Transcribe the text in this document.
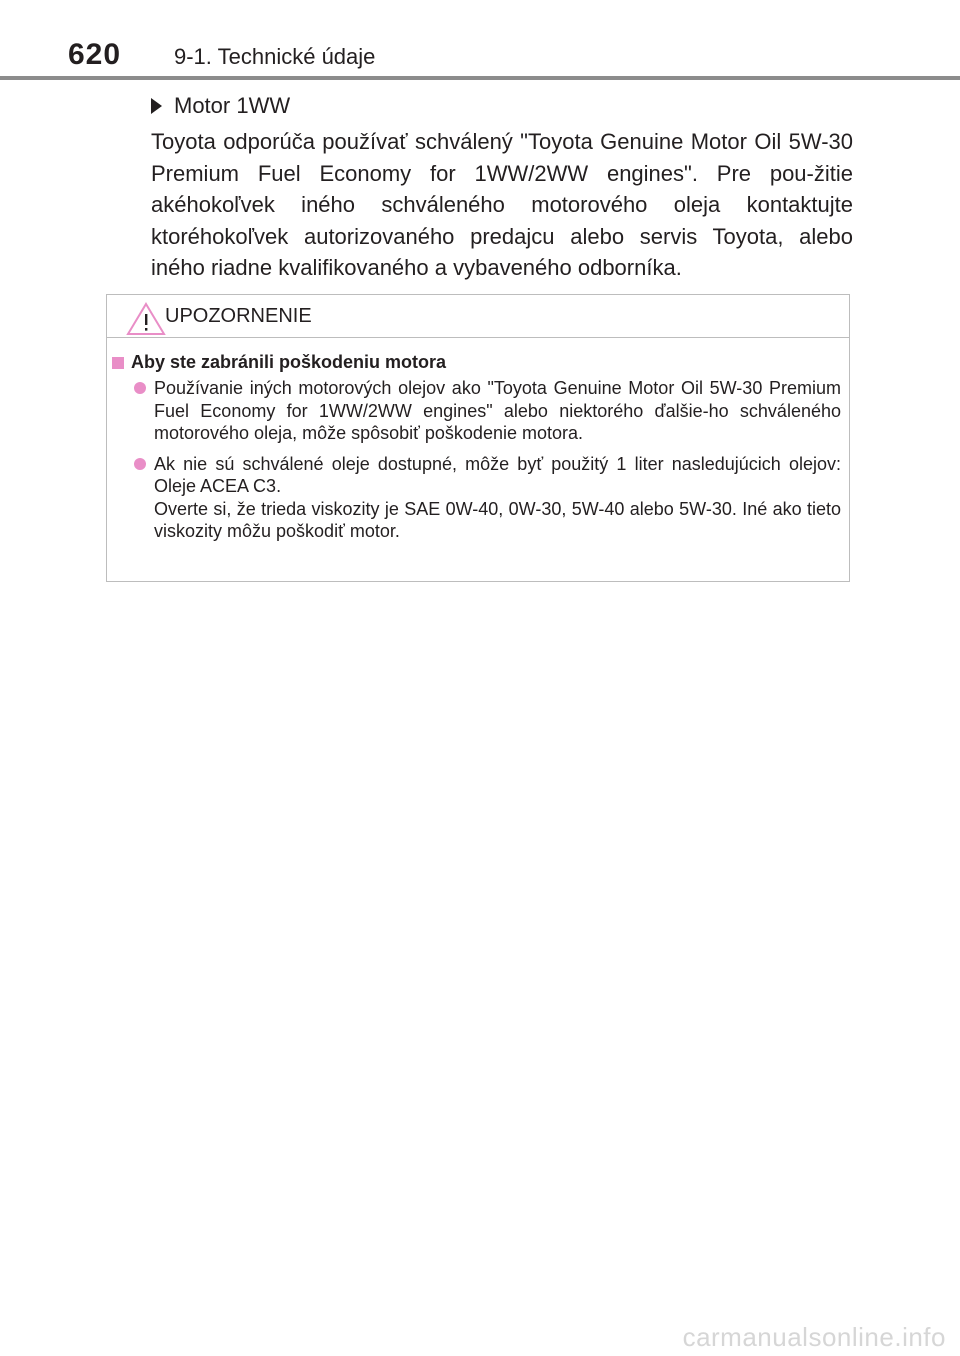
620 9-1. Technické údaje
Motor 1WW
Toyota odporúča používať schválený "Toyota Genuine Motor Oil 5W-30 Premium Fuel Economy for 1WW/2WW engines". Pre pou-žitie akéhokoľvek iného schváleného motorového oleja kontaktujte ktoréhokoľvek autorizovaného predajcu alebo servis Toyota, alebo iného riadne kvalifikovaného a vybaveného odborníka.
UPOZORNENIE
Aby ste zabránili poškodeniu motora
Používanie iných motorových olejov ako "Toyota Genuine Motor Oil 5W-30 Premium Fuel Economy for 1WW/2WW engines" alebo niektorého ďalšie-ho schváleného motorového oleja, môže spôsobiť poškodenie motora.
Ak nie sú schválené oleje dostupné, môže byť použitý 1 liter nasledujúcich olejov: Oleje ACEA C3.
Overte si, že trieda viskozity je SAE 0W-40, 0W-30, 5W-40 alebo 5W-30. Iné ako tieto viskozity môžu poškodiť motor.
carmanualsonline.info
